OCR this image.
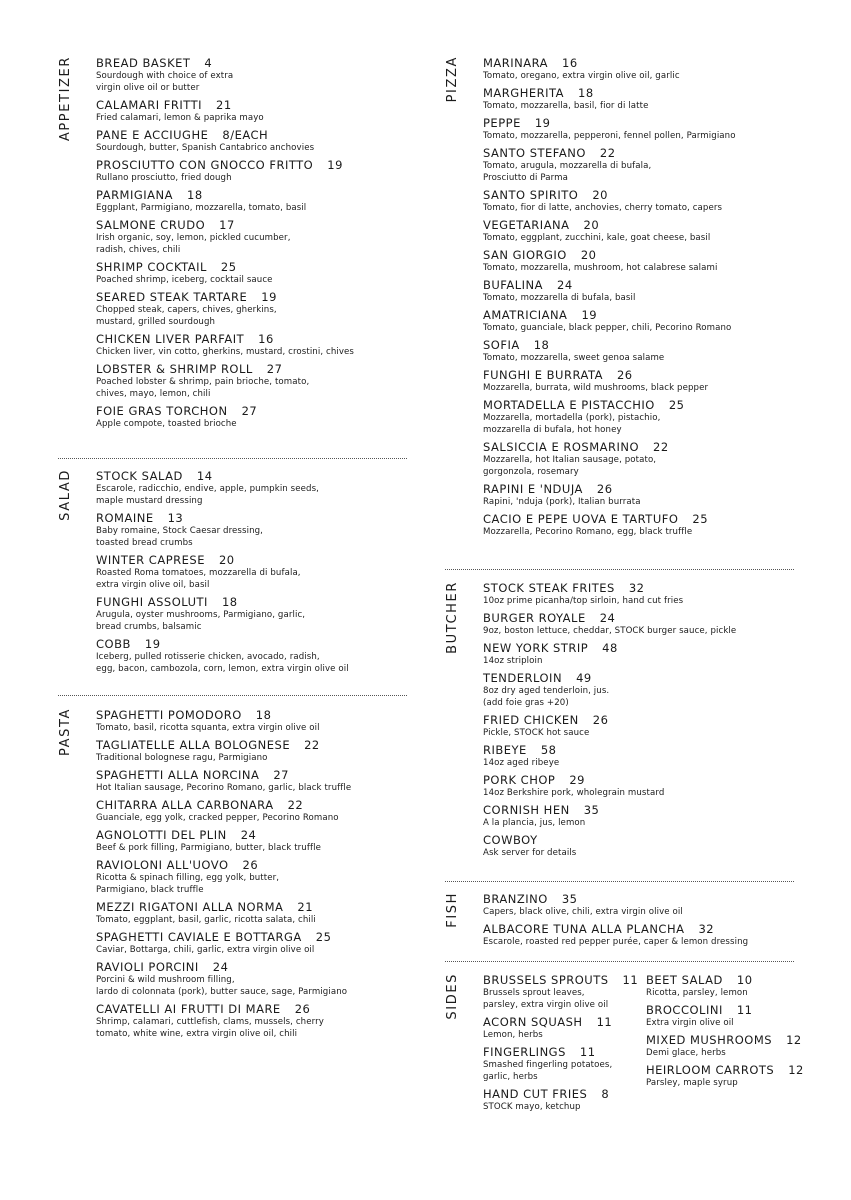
APPETIZER	BREAD BASKET 4
Sourdough with choice of extra
virgin olive oil or butter
CALAMARI FRITTI 21
Fried calamari, lemon & paprika mayo
PANE E ACCIUGHE 8/EACH
Sourdough, butter, Spanish Cantabrico anchovies
PROSCIUTTO CON GNOCCO FRITTO 19
Rullano prosciutto, fried dough
PARMIGIANA 18
Eggplant, Parmigiano, mozzarella, tomato, basil
SALMONE CRUDO 17
Irish organic, soy, lemon, pickled cucumber,
radish, chives, chili
SHRIMP COCKTAIL 25
Poached shrimp, iceberg, cocktail sauce
SEARED STEAK TARTARE 19
Chopped steak, capers, chives, gherkins,
mustard, grilled sourdough
CHICKEN LIVER PARFAIT 16
Chicken liver, vin cotto, gherkins, mustard, crostini, chives
LOBSTER & SHRIMP ROLL 27
Poached lobster & shrimp, pain brioche, tomato,
chives, mayo, lemon, chili
FOIE GRAS TORCHON 27
Apple compote, toasted brioche
SALAD	STOCK SALAD 14
Escarole, radicchio, endive, apple, pumpkin seeds,
maple mustard dressing
ROMAINE 13
Baby romaine, Stock Caesar dressing,
toasted bread crumbs
WINTER CAPRESE 20
Roasted Roma tomatoes, mozzarella di bufala,
extra virgin olive oil, basil
FUNGHI ASSOLUTI 18
Arugula, oyster mushrooms, Parmigiano, garlic,
bread crumbs, balsamic
COBB 19
Iceberg, pulled rotisserie chicken, avocado, radish,
egg, bacon, cambozola, corn, lemon, extra virgin olive oil
PASTA	SPAGHETTI POMODORO 18
Tomato, basil, ricotta squanta, extra virgin olive oil
TAGLIATELLE ALLA BOLOGNESE 22
Traditional bolognese ragu, Parmigiano
SPAGHETTI ALLA NORCINA 27
Hot Italian sausage, Pecorino Romano, garlic, black truffle
CHITARRA ALLA CARBONARA 22
Guanciale, egg yolk, cracked pepper, Pecorino Romano
AGNOLOTTI DEL PLIN 24
Beef & pork filling, Parmigiano, butter, black truffle
RAVIOLONI ALL'UOVO 26
Ricotta & spinach filling, egg yolk, butter,
Parmigiano, black truffle
MEZZI RIGATONI ALLA NORMA 21
Tomato, eggplant, basil, garlic, ricotta salata, chili
SPAGHETTI CAVIALE E BOTTARGA 25
Caviar, Bottarga, chili, garlic, extra virgin olive oil
RAVIOLI PORCINI 24
Porcini & wild mushroom filling,
lardo di colonnata (pork), butter sauce, sage, Parmigiano
CAVATELLI AI FRUTTI DI MARE 26
Shrimp, calamari, cuttlefish, clams, mussels, cherry
tomato, white wine, extra virgin olive oil, chili
PIZZA	MARINARA 16
Tomato, oregano, extra virgin olive oil, garlic
MARGHERITA 18
Tomato, mozzarella, basil, fior di latte
PEPPE 19
Tomato, mozzarella, pepperoni, fennel pollen, Parmigiano
SANTO STEFANO 22
Tomato, arugula, mozzarella di bufala,
Prosciutto di Parma
SANTO SPIRITO 20
Tomato, fior di latte, anchovies, cherry tomato, capers
VEGETARIANA 20
Tomato, eggplant, zucchini, kale, goat cheese, basil
SAN GIORGIO 20
Tomato, mozzarella, mushroom, hot calabrese salami
BUFALINA 24
Tomato, mozzarella di bufala, basil
AMATRICIANA 19
Tomato, guanciale, black pepper, chili, Pecorino Romano
SOFIA 18
Tomato, mozzarella, sweet genoa salame
FUNGHI E BURRATA 26
Mozzarella, burrata, wild mushrooms, black pepper
MORTADELLA E PISTACCHIO 25
Mozzarella, mortadella (pork), pistachio,
mozzarella di bufala, hot honey
SALSICCIA E ROSMARINO 22
Mozzarella, hot Italian sausage, potato,
gorgonzola, rosemary
RAPINI E 'NDUJA 26
Rapini, 'nduja (pork), Italian burrata
CACIO E PEPE UOVA E TARTUFO 25
Mozzarella, Pecorino Romano, egg, black truffle
BUTCHER	STOCK STEAK FRITES 32
10oz prime picanha/top sirloin, hand cut fries
BURGER ROYALE 24
9oz, boston lettuce, cheddar, STOCK burger sauce, pickle
NEW YORK STRIP 48
14oz striploin
TENDERLOIN 49
8oz dry aged tenderloin, jus.
(add foie gras +20)
FRIED CHICKEN 26
Pickle, STOCK hot sauce
RIBEYE 58
14oz aged ribeye
PORK CHOP 29
14oz Berkshire pork, wholegrain mustard
CORNISH HEN 35
A la plancia, jus, lemon
COWBOY
Ask server for details
FISH	BRANZINO 35
Capers, black olive, chili, extra virgin olive oil
ALBACORE TUNA ALLA PLANCHA 32
Escarole, roasted red pepper purée, caper & lemon dressing
SIDES	BRUSSELS SPROUTS 11
Brussels sprout leaves,
parsley, extra virgin olive oil
ACORN SQUASH 11
Lemon, herbs
FINGERLINGS 11
Smashed fingerling potatoes,
garlic, herbs
HAND CUT FRIES 8
STOCK mayo, ketchup
BEET SALAD 10
Ricotta, parsley, lemon
BROCCOLINI 11
Extra virgin olive oil
MIXED MUSHROOMS 12
Demi glace, herbs
HEIRLOOM CARROTS 12
Parsley, maple syrup
